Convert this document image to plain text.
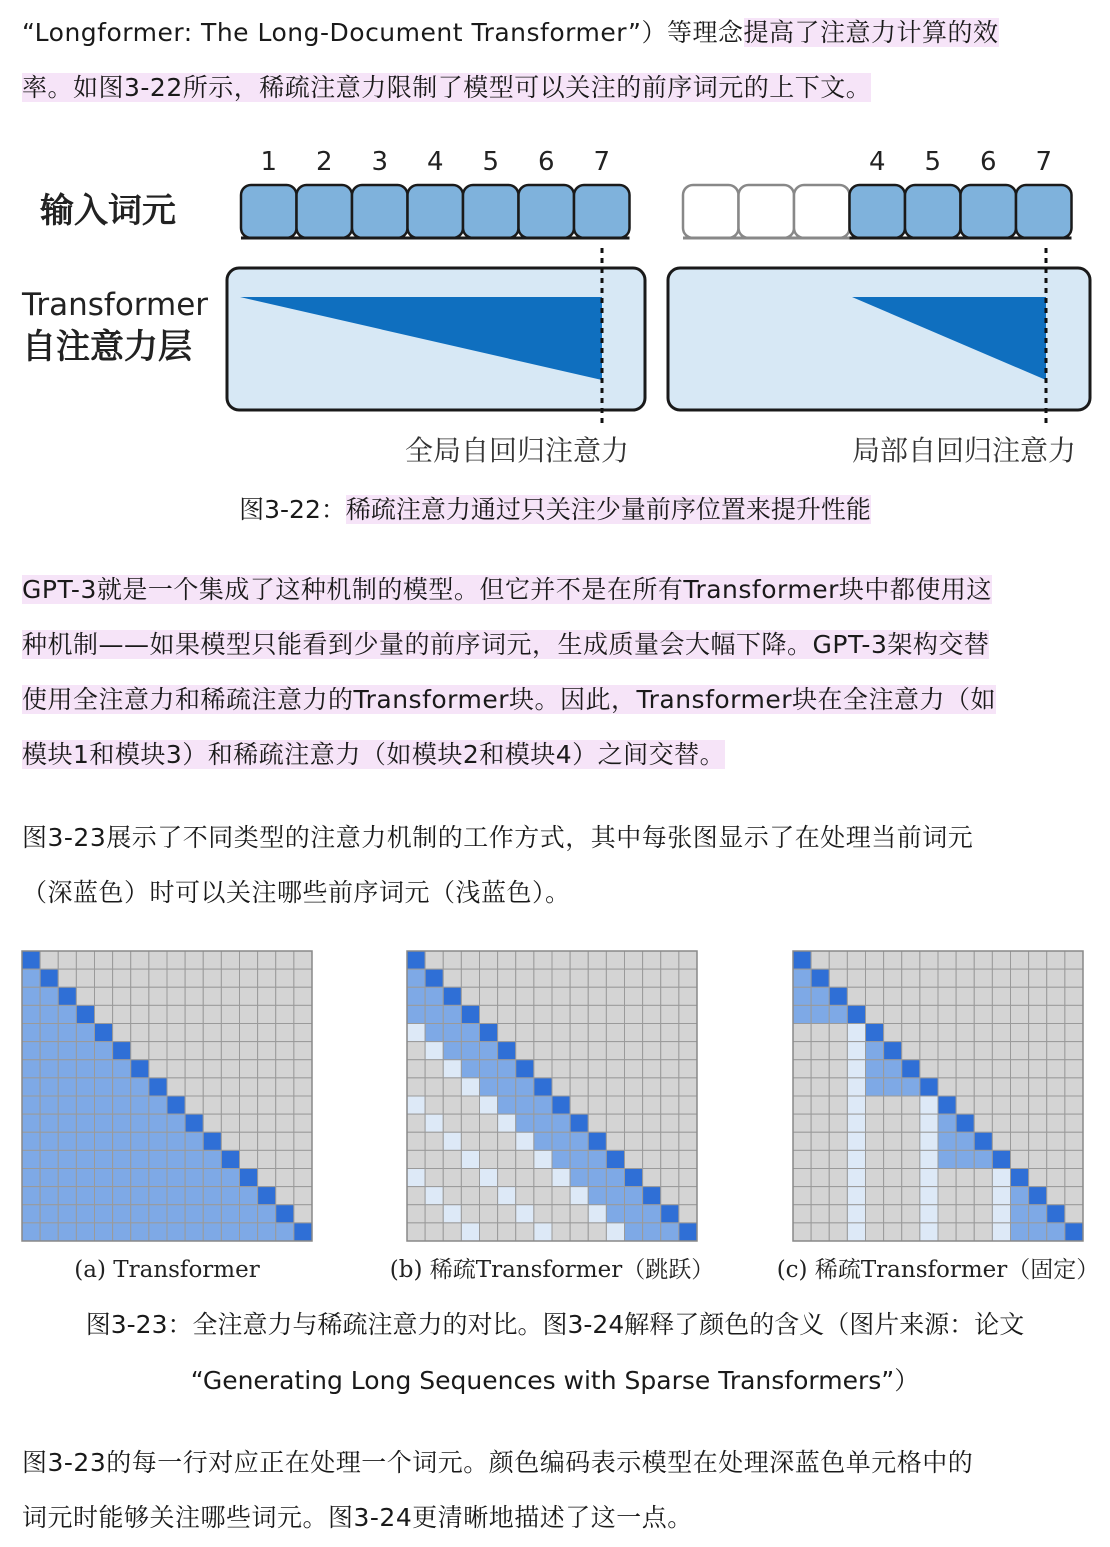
“Longformer: The Long-Document Transformer”）等理念提高了注意力计算的效
率。如图3-22所示，稀疏注意力限制了模型可以关注的前序词元的上下文。
输入词元
Transformer
自注意力层
1 2 3 4 5 6 7	4 5 6 7
全局自回归注意力	局部自回归注意力
图3-22：稀疏注意力通过只关注少量前序位置来提升性能
GPT-3就是一个集成了这种机制的模型。但它并不是在所有Transformer块中都使用这
种机制——如果模型只能看到少量的前序词元，生成质量会大幅下降。GPT-3架构交替
使用全注意力和稀疏注意力的Transformer块。因此，Transformer块在全注意力（如
模块1和模块3）和稀疏注意力（如模块2和模块4）之间交替。
图3-23展示了不同类型的注意力机制的工作方式，其中每张图显示了在处理当前词元
（深蓝色）时可以关注哪些前序词元（浅蓝色）。
(a) Transformer	(b) 稀疏Transformer（跳跃）	(c) 稀疏Transformer（固定）
图3-23：全注意力与稀疏注意力的对比。图3-24解释了颜色的含义（图片来源：论文
“Generating Long Sequences with Sparse Transformers”）
图3-23的每一行对应正在处理一个词元。颜色编码表示模型在处理深蓝色单元格中的
词元时能够关注哪些词元。图3-24更清晰地描述了这一点。
